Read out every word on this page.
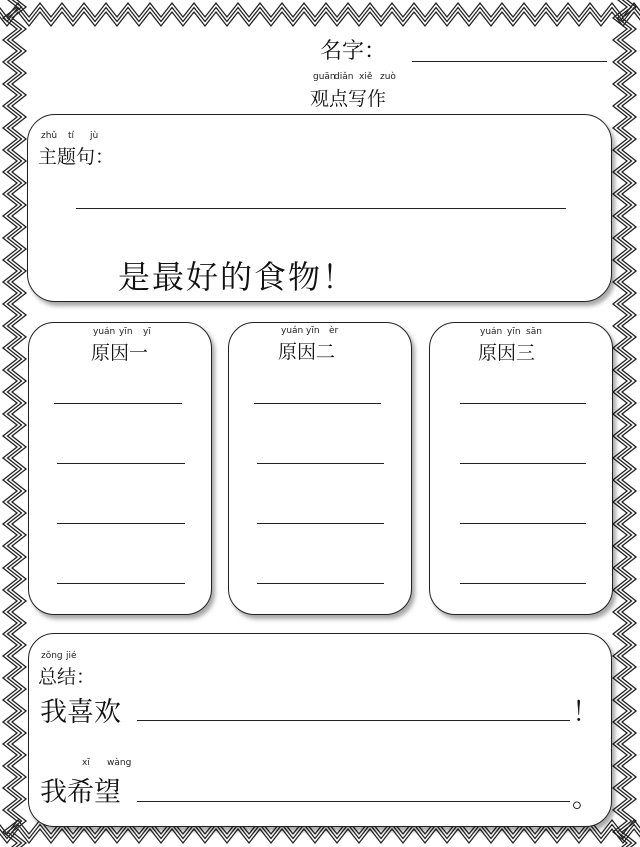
名字：
guān
diǎn xiě zuò
观点写作
zhǔ tí jù
主题句：
是最好的食物！
yuán yīn yī
原因一
yuán yīn èr
原因二
yuán yīn sān
原因三
zǒng jié
总结：
我喜欢	！
xī wàng
我希望	。
